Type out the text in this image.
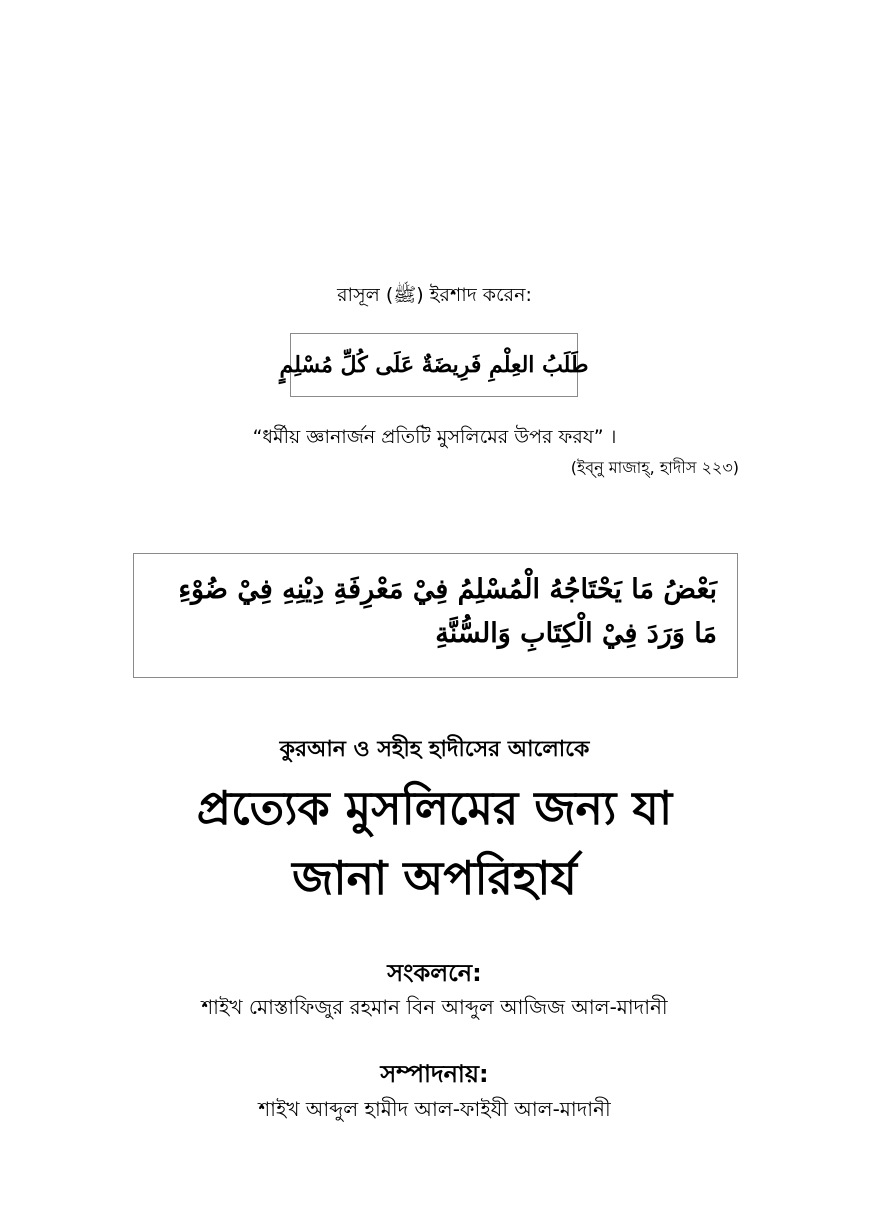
রাসূল (ﷺ) ইরশাদ করেন:
طَلَبُ العِلْمِ فَرِيضَةٌ عَلَى كُلِّ مُسْلِمٍ
“ধর্মীয় জ্ঞানার্জন প্রতিটি মুসলিমের উপর ফরয” ।
(ইব্নু মাজাহ্, হাদীস ২২৩)
بَعْضُ مَا يَحْتَاجُهُ الْمُسْلِمُ فِيْ مَعْرِفَةِ دِيْنِهِ فِيْ ضُوْءِ مَا وَرَدَ فِيْ الْكِتَابِ وَالسُّنَّةِ
কুরআন ও সহীহ হাদীসের আলোকে
প্রত্যেক মুসলিমের জন্য যা
জানা অপরিহার্য
সংকলনে:
শাইখ মোস্তাফিজুর রহমান বিন আব্দুল আজিজ আল-মাদানী
সম্পাদনায়:
শাইখ আব্দুল হামীদ আল-ফাইযী আল-মাদানী
